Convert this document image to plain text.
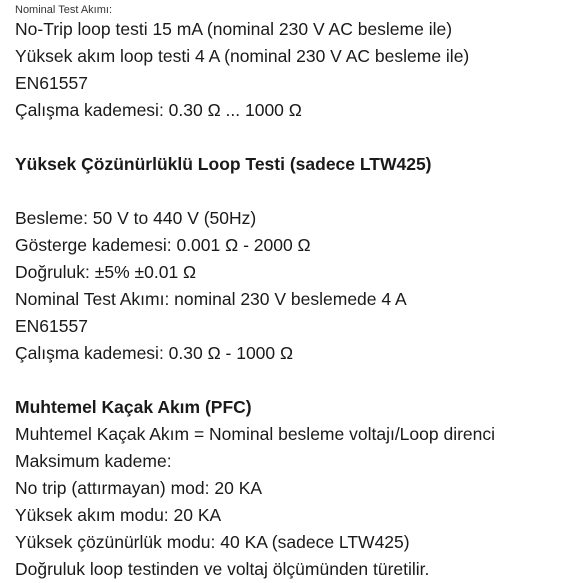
Nominal Test Akımı:
No-Trip loop testi 15 mA (nominal 230 V AC besleme ile)
Yüksek akım loop testi 4 A (nominal 230 V AC besleme ile)
EN61557
Çalışma kademesi: 0.30 Ω ... 1000 Ω
Yüksek Çözünürlüklü Loop Testi (sadece LTW425)
Besleme: 50 V to 440 V (50Hz)
Gösterge kademesi: 0.001 Ω - 2000 Ω
Doğruluk: ±5% ±0.01 Ω
Nominal Test Akımı: nominal 230 V beslemede 4 A
EN61557
Çalışma kademesi: 0.30 Ω - 1000 Ω
Muhtemel Kaçak Akım (PFC)
Muhtemel Kaçak Akım = Nominal besleme voltajı/Loop direnci
Maksimum kademe:
No trip (attırmayan) mod: 20 KA
Yüksek akım modu: 20 KA
Yüksek çözünürlük modu: 40 KA (sadece LTW425)
Doğruluk loop testinden ve voltaj ölçümünden türetilir.
